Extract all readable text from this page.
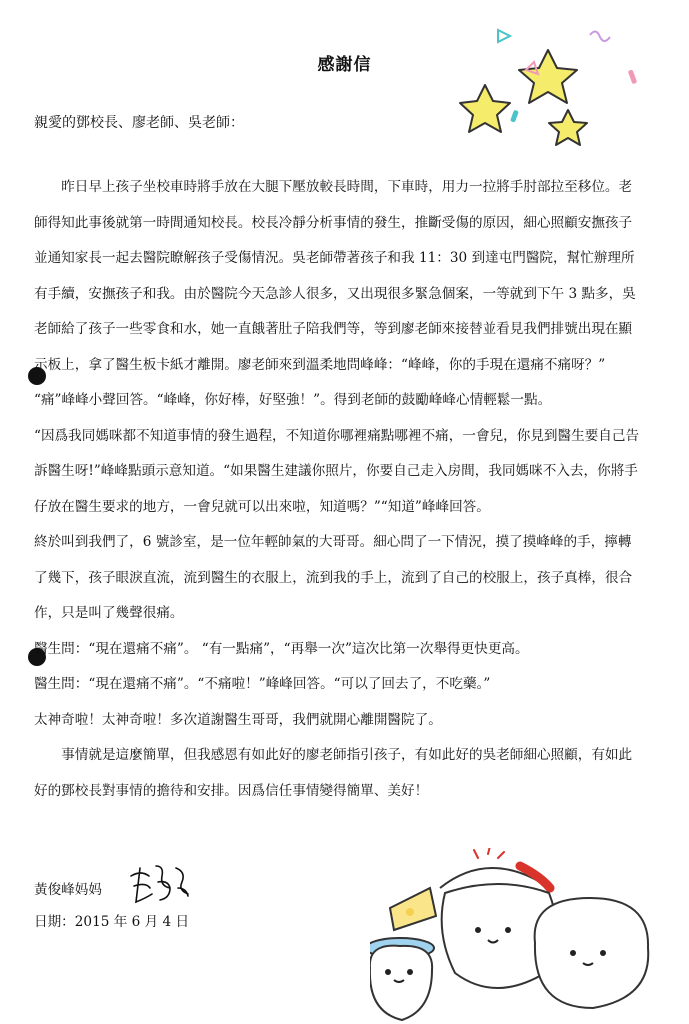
感謝信
親愛的鄧校長、廖老師、吳老師：

昨日早上孩子坐校車時將手放在大腿下壓放較長時間，下車時，用力一拉將手肘部拉至移位。老師得知此事後就第一時間通知校長。校長冷靜分析事情的發生，推斷受傷的原因，細心照顧安撫孩子並通知家長一起去醫院瞭解孩子受傷情況。吳老師帶著孩子和我 11：30 到達屯門醫院，幫忙辦理所有手續，安撫孩子和我。由於醫院今天急診人很多，又出現很多緊急個案，一等就到下午 3 點多，吳老師給了孩子一些零食和水，她一直餓著肚子陪我們等，等到廖老師來接替並看見我們排號出現在顯示板上，拿了醫生板卡紙才離開。廖老師來到溫柔地問峰峰：“峰峰，你的手現在還痛不痛呀？” “痛”峰峰小聲回答。“峰峰，你好棒，好堅強！”。得到老師的鼓勵峰峰心情輕鬆一點。

“因爲我同媽咪都不知道事情的發生過程，不知道你哪裡痛點哪裡不痛，一會兒，你見到醫生要自己告訴醫生呀!”峰峰點頭示意知道。“如果醫生建議你照片，你要自己走入房間，我同媽咪不入去，你將手仔放在醫生要求的地方，一會兒就可以出來啦，知道嗎？”“知道”峰峰回答。

終於叫到我們了，6 號診室，是一位年輕帥氣的大哥哥。細心問了一下情況，摸了摸峰峰的手，擰轉了幾下，孩子眼淚直流，流到醫生的衣服上，流到我的手上，流到了自己的校服上，孩子真棒，很合作，只是叫了幾聲很痛。

醫生問：“現在還痛不痛”。 “有一點痛”，“再舉一次”這次比第一次舉得更快更高。

醫生問：“現在還痛不痛”。“不痛啦！”峰峰回答。“可以了回去了，不吃藥。”

太神奇啦！太神奇啦！多次道謝醫生哥哥，我們就開心離開醫院了。

事情就是這麼簡單，但我感恩有如此好的廖老師指引孩子，有如此好的吳老師細心照顧，有如此好的鄧校長對事情的擔待和安排。因爲信任事情變得簡單、美好！

黃俊峰妈妈
日期：2015 年 6 月 4 日
